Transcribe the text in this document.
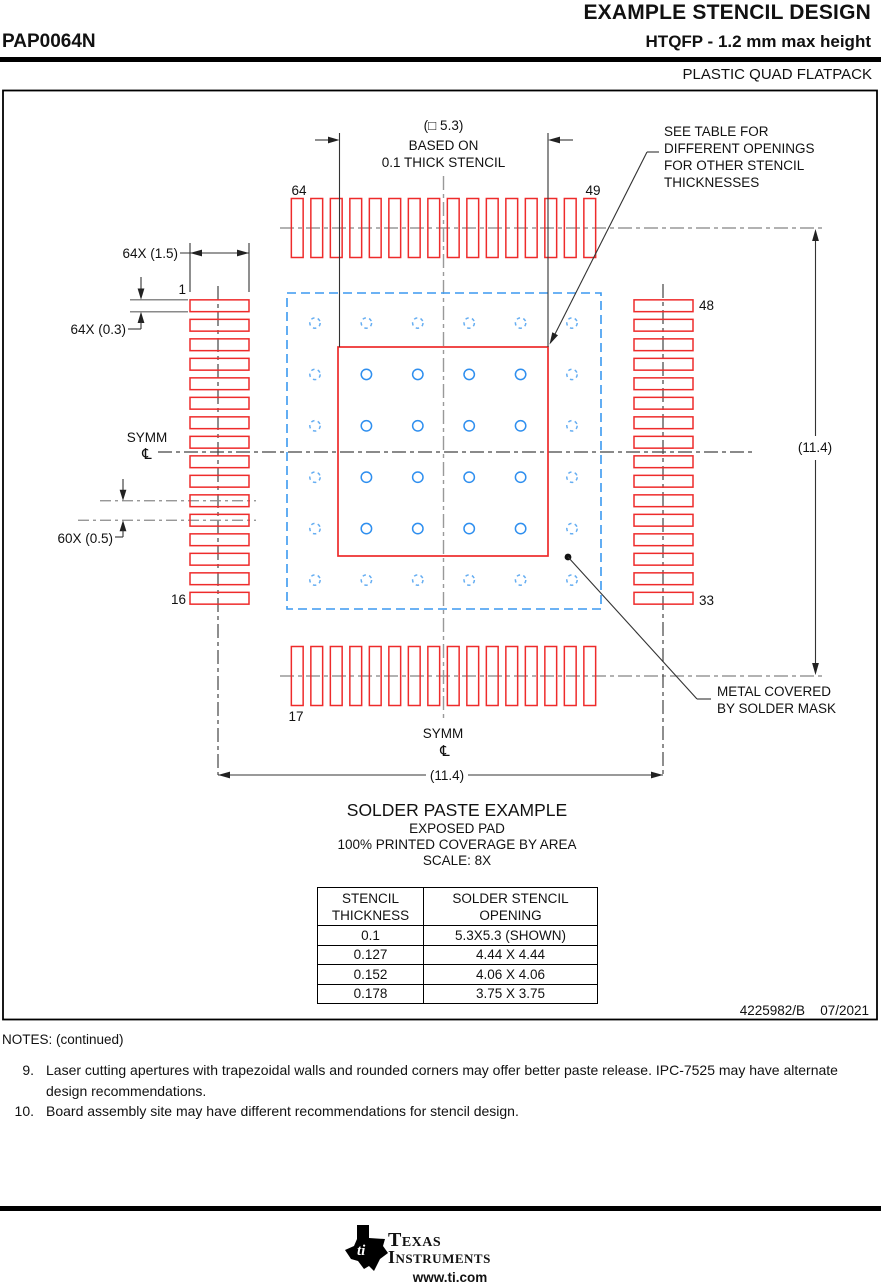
EXAMPLE STENCIL DESIGN
PAP0064N	HTQFP - 1.2 mm max height
PLASTIC QUAD FLATPACK
(□ 5.3)
BASED ON
0.1 THICK STENCIL
SEE TABLE FOR
DIFFERENT OPENINGS
FOR OTHER STENCIL
THICKNESSES
METAL COVERED
BY SOLDER MASK
64X (1.5)
1
64X (0.3)
SYMM
℄
60X (0.5)
64	49
48
33
16
17
(11.4)
SYMM
℄
(11.4)
SOLDER PASTE EXAMPLE
EXPOSED PAD
100% PRINTED COVERAGE BY AREA
SCALE: 8X
4225982/B 07/2021
STENCIL THICKNESS	SOLDER STENCIL OPENING
0.1	5.3X5.3 (SHOWN)
0.127	4.44 X 4.44
0.152	4.06 X 4.06
0.178	3.75 X 3.75
NOTES: (continued)
9. Laser cutting apertures with trapezoidal walls and rounded corners may offer better paste release. IPC-7525 may have alternate design recommendations.
10. Board assembly site may have different recommendations for stencil design.
ti Texas
Instruments
www.ti.com
